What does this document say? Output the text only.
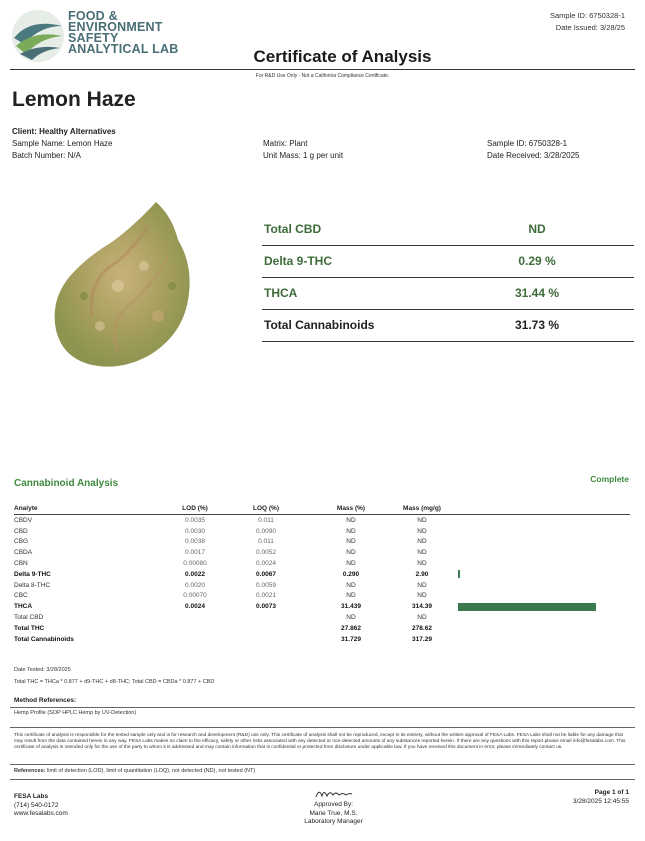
FOOD &
ENVIRONMENT
SAFETY
ANALYTICAL LAB
Sample ID: 6750328-1
Date Issued: 3/28/25
Certificate of Analysis
For R&D Use Only - Not a California Compliance Certificate.
Lemon Haze
Client: Healthy Alternatives
Sample Name: Lemon Haze
Batch Number: N/A
Matrix: Plant
Unit Mass: 1 g per unit
Sample ID: 6750328-1
Date Received: 3/28/2025
Total CBD	ND
Delta 9-THC	0.29 %
THCA	31.44 %
Total Cannabinoids	31.73 %
Cannabinoid Analysis	Complete
Analyte	LOD (%)	LOQ (%)	Mass (%)	Mass (mg/g)	
CBDV	0.0035	0.011	ND	ND	
CBD	0.0030	0.0090	ND	ND	
CBG	0.0038	0.011	ND	ND	
CBDA	0.0017	0.0052	ND	ND	
CBN	0.00080	0.0024	ND	ND	
Delta 9-THC	0.0022	0.0067	0.290	2.90	

Delta 8-THC	0.0020	0.0059	ND	ND	
CBC	0.00070	0.0021	ND	ND	
THCA	0.0024	0.0073	31.439	314.39	

Total CBD			ND	ND	
Total THC			27.862	278.62	
Total Cannabinoids			31.729	317.29	
Date Tested: 3/28/2025
Total THC = THCa * 0.877 + d9-THC + d8-THC; Total CBD = CBDa * 0.877 + CBD
Method References:
Hemp Profile (SOP HPLC Hemp by UV-Detection)
This certificate of analysis is responsible for the tested sample only and is for research and development (R&D) use only. This certificate of analysis shall not be reproduced, except in its entirety, without the written approval of FESA Labs. FESA Labs shall not be liable for any damage that may result from the data contained herein in any way. FESA Labs makes no claim to the efficacy, safety or other risks associated with any detected or non-detected amounts of any substances reported herein. If there are any questions with this report please email info@fesalabs.com. This certificate of analysis is intended only for the use of the party to whom it is addressed and may contain information that is confidential or protected from disclosure under applicable law. If you have received this document in error, please immediately contact us.
References: limit of detection (LOD), limit of quantitation (LOQ), not detected (ND), not tested (NT)
FESA Labs
(714) 540-0172
www.fesalabs.com
Approved By:
Marie True, M.S.
Laboratory Manager
Page 1 of 1
3/28/2025 12:45:55
